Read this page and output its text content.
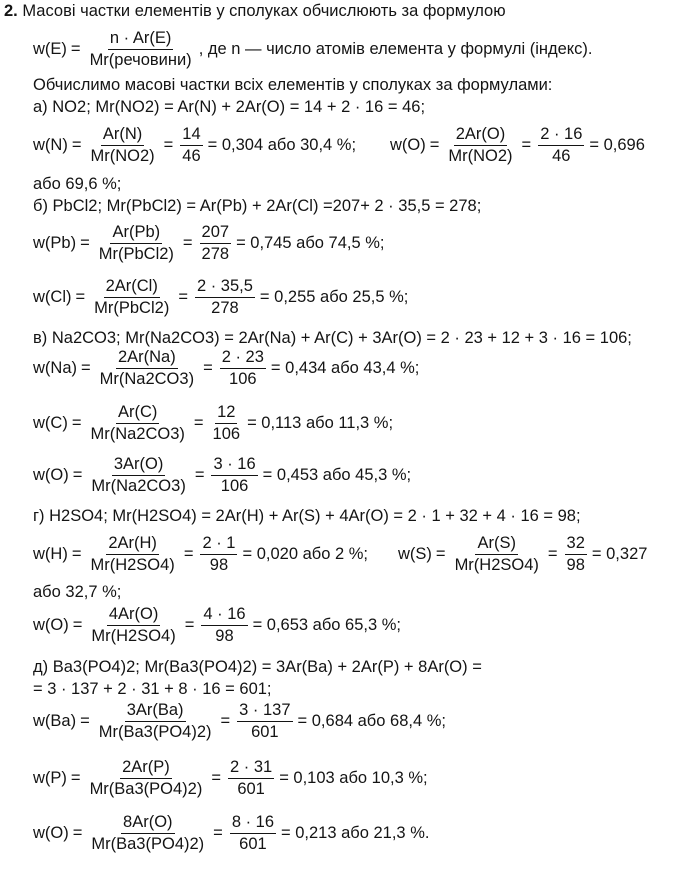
2. Масові частки елементів у сполуках обчислюють за формулою
w(E) =
n · Ar(E)
Mr(речовини)
, де n — число атомів елемента у формулі (індекс).
Обчислимо масові частки всіх елементів у сполуках за формулами:
а) NO2; Mr(NO2) = Ar(N) + 2Ar(O) = 14 + 2 · 16 = 46;
$w(N) = \frac{Ar(N)}{Mr(NO2)} = \frac{14}{46} = 0,304$ або 30,4 %; $w(O) = \frac{2Ar(O)}{Mr(NO2)} = \frac{2 \cdot 16}{46} = 0,696$
або 69,6 %;
б) PbCl2; Mr(PbCl2) = Ar(Pb) + 2Ar(Cl) =207+ 2 · 35,5 = 278;
w(Pb) =
Ar(Pb)
Mr(PbCl2)
= $\frac{207}{278} = 0,745$ або 74,5 %;
w(Cl) =
2Ar(Cl)
Mr(PbCl2)
= $\frac{2 \cdot 35,5}{278} = 0,255$ або 25,5 %;
в) Na2CO3; Mr(Na2CO3) = 2Ar(Na) + Ar(C) + 3Ar(O) = 2 · 23 + 12 + 3 · 16 = 106;
$w(Na) = \frac{2Ar(Na)}{Mr(Na2CO3)} = \frac{2 \cdot 23}{106} = 0,434$ або 43,4 %;
$w(C) = \frac{Ar(C)}{Mr(Na2CO3)} = \frac{12}{106} = 0,113$ або 11,3 %;
$w(O) = \frac{3Ar(O)}{Mr(Na2CO3)} = \frac{3 \cdot 16}{106} = 0,453$ або 45,3 %;
г) H2SO4; Mr(H2SO4) = 2Ar(H) + Ar(S) + 4Ar(O) = 2 · 1 + 32 + 4 · 16 = 98;
$w(H) = \frac{2Ar(H)}{Mr(H2SO4)} = \frac{2 \cdot 1}{98} = 0,020$ або 2 %; $w(S) = \frac{Ar(S)}{Mr(H2SO4)} = \frac{32}{98} = 0,327$
або 32,7 %;
$w(O) = \frac{4Ar(O)}{Mr(H2SO4)} = \frac{4 \cdot 16}{98} = 0,653$ або 65,3 %;
д) Ba3(PO4)2; Mr(Ba3(PO4)2) = 3Ar(Ba) + 2Ar(P) + 8Ar(O) =
= 3 · 137 + 2 · 31 + 8 · 16 = 601;
$w(Ba) = \frac{3Ar(Ba)}{Mr(Ba3(PO4)2)} = \frac{3 \cdot 137}{601} = 0,684$ або 68,4 %;
$w(P) = \frac{2Ar(P)}{Mr(Ba3(PO4)2)} = \frac{2 \cdot 31}{601} = 0,103$ або 10,3 %;
$w(O) = \frac{8Ar(O)}{Mr(Ba3(PO4)2)} = \frac{8 \cdot 16}{601} = 0,213$ або 21,3 %.
